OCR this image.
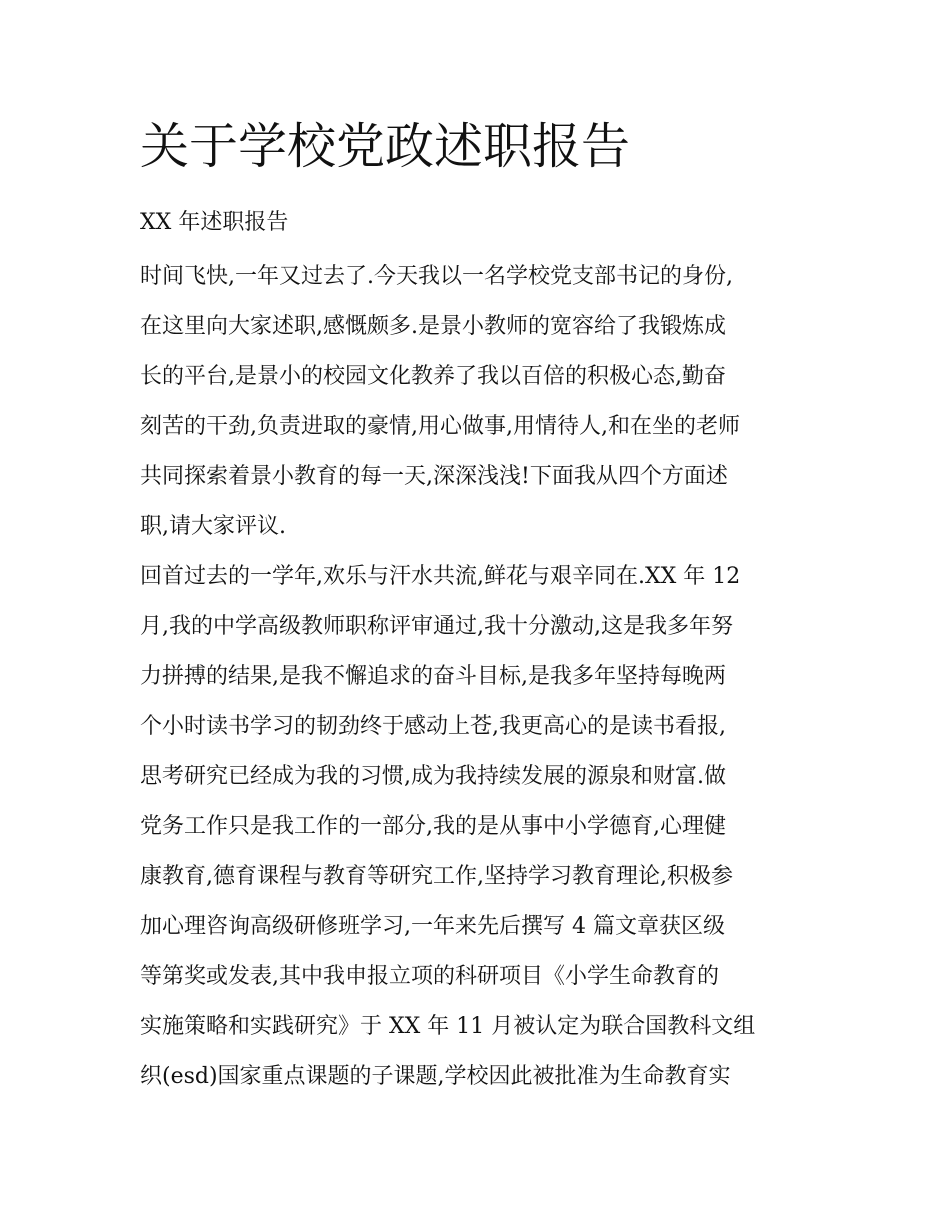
关于学校党政述职报告

XX 年述职报告

时间飞快,一年又过去了.今天我以一名学校党支部书记的身份,

在这里向大家述职,感慨颇多.是景小教师的宽容给了我锻炼成

长的平台,是景小的校园文化教养了我以百倍的积极心态,勤奋

刻苦的干劲,负责进取的豪情,用心做事,用情待人,和在坐的老师

共同探索着景小教育的每一天,深深浅浅!下面我从四个方面述

职,请大家评议.

回首过去的一学年,欢乐与汗水共流,鲜花与艰辛同在.XX 年 12

月,我的中学高级教师职称评审通过,我十分激动,这是我多年努

力拼搏的结果,是我不懈追求的奋斗目标,是我多年坚持每晚两

个小时读书学习的韧劲终于感动上苍,我更高心的是读书看报,

思考研究已经成为我的习惯,成为我持续发展的源泉和财富.做

党务工作只是我工作的一部分,我的是从事中小学德育,心理健

康教育,德育课程与教育等研究工作,坚持学习教育理论,积极参

加心理咨询高级研修班学习,一年来先后撰写 4 篇文章获区级

等第奖或发表,其中我申报立项的科研项目《小学生命教育的

实施策略和实践研究》于 XX 年 11 月被认定为联合国教科文组

织(esd)国家重点课题的子课题,学校因此被批准为生命教育实
